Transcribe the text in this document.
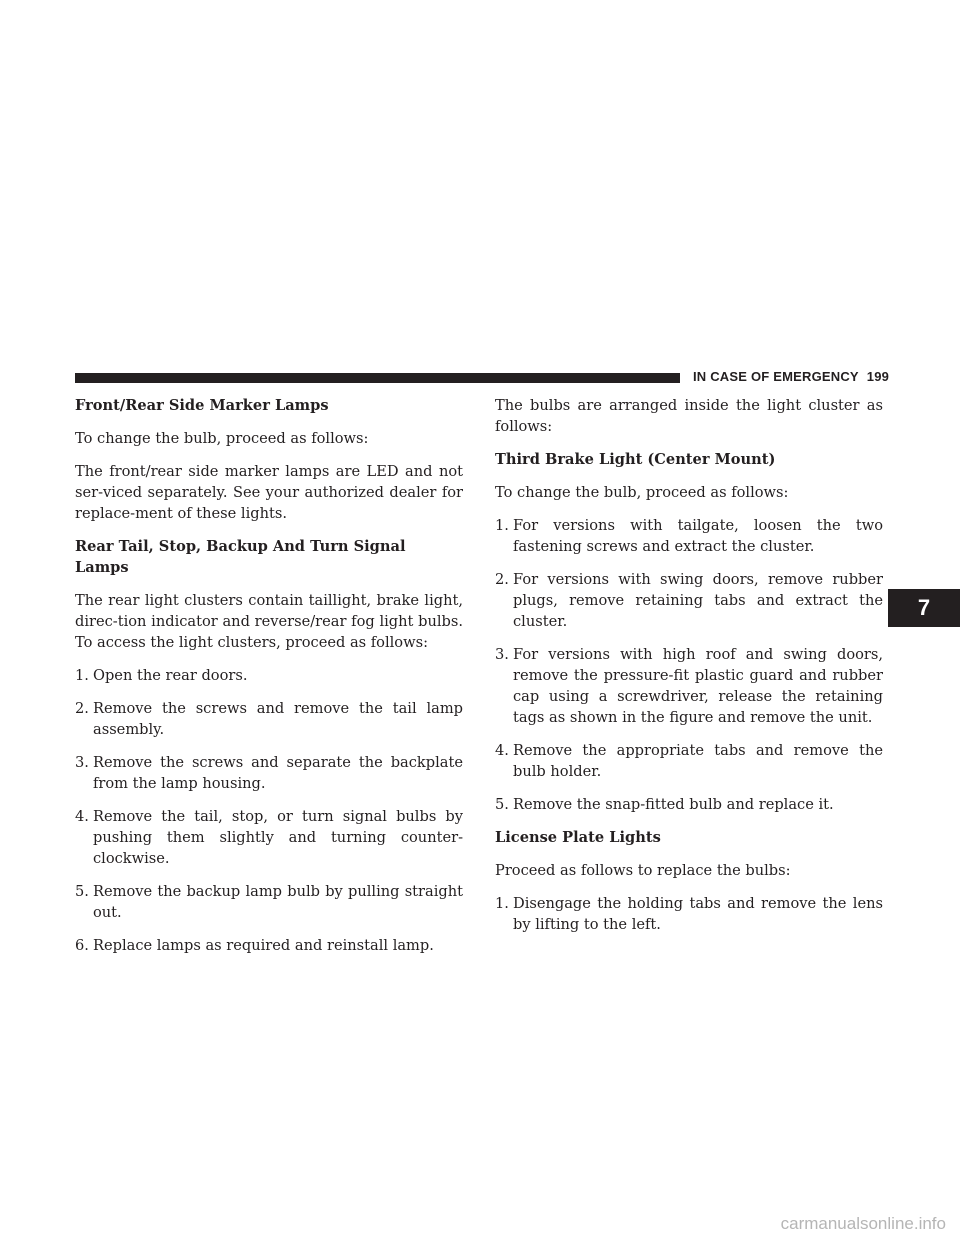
IN CASE OF EMERGENCY 199
7
Front/Rear Side Marker Lamps

To change the bulb, proceed as follows:

The front/rear side marker lamps are LED and not ser-viced separately. See your authorized dealer for replace-ment of these lights.

Rear Tail, Stop, Backup And Turn Signal Lamps

The rear light clusters contain taillight, brake light, direc-tion indicator and reverse/rear fog light bulbs. To access the light clusters, proceed as follows:

1. Open the rear doors.
2. Remove the screws and remove the tail lamp assembly.
3. Remove the screws and separate the backplate from the lamp housing.
4. Remove the tail, stop, or turn signal bulbs by pushing them slightly and turning counter-clockwise.
5. Remove the backup lamp bulb by pulling straight out.
6. Replace lamps as required and reinstall lamp.

The bulbs are arranged inside the light cluster as follows:

Third Brake Light (Center Mount)

To change the bulb, proceed as follows:

1. For versions with tailgate, loosen the two fastening screws and extract the cluster.
2. For versions with swing doors, remove rubber plugs, remove retaining tabs and extract the cluster.
3. For versions with high roof and swing doors, remove the pressure-fit plastic guard and rubber cap using a screwdriver, release the retaining tags as shown in the figure and remove the unit.
4. Remove the appropriate tabs and remove the bulb holder.
5. Remove the snap-fitted bulb and replace it.
License Plate Lights

Proceed as follows to replace the bulbs:

1. Disengage the holding tabs and remove the lens by lifting to the left.
carmanualsonline.info
